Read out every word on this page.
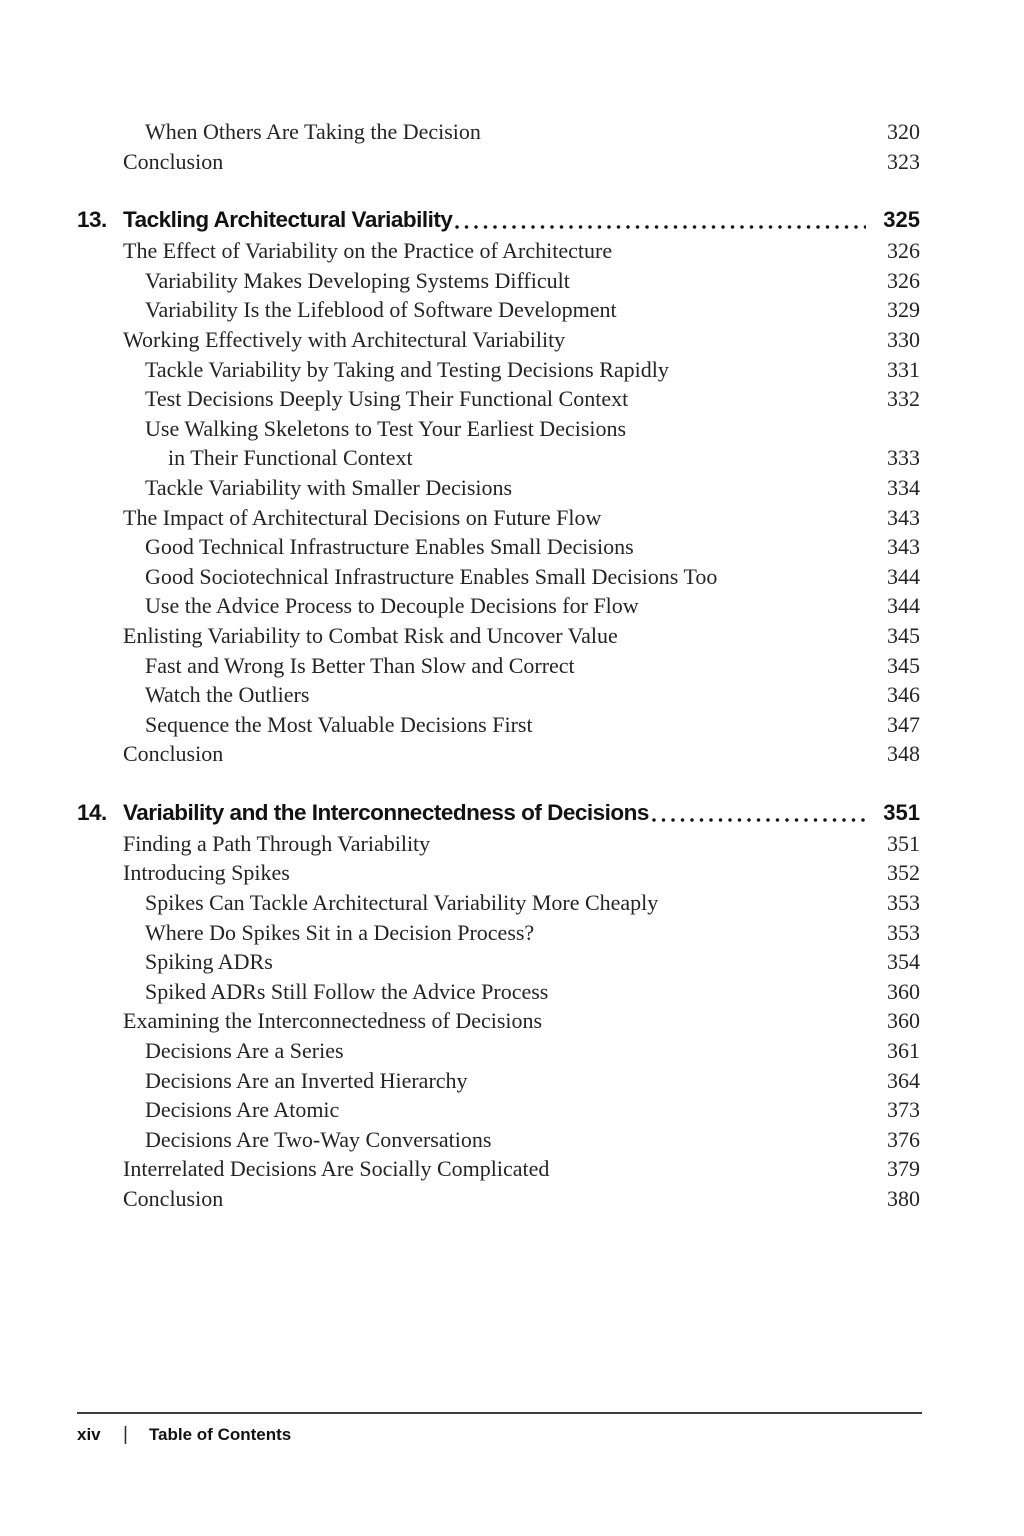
When Others Are Taking the Decision	320
Conclusion	323
13. Tackling Architectural Variability	325
The Effect of Variability on the Practice of Architecture	326
Variability Makes Developing Systems Difficult	326
Variability Is the Lifeblood of Software Development	329
Working Effectively with Architectural Variability	330
Tackle Variability by Taking and Testing Decisions Rapidly	331
Test Decisions Deeply Using Their Functional Context	332
Use Walking Skeletons to Test Your Earliest Decisions
in Their Functional Context	333
Tackle Variability with Smaller Decisions	334
The Impact of Architectural Decisions on Future Flow	343
Good Technical Infrastructure Enables Small Decisions	343
Good Sociotechnical Infrastructure Enables Small Decisions Too	344
Use the Advice Process to Decouple Decisions for Flow	344
Enlisting Variability to Combat Risk and Uncover Value	345
Fast and Wrong Is Better Than Slow and Correct	345
Watch the Outliers	346
Sequence the Most Valuable Decisions First	347
Conclusion	348
14. Variability and the Interconnectedness of Decisions	351
Finding a Path Through Variability	351
Introducing Spikes	352
Spikes Can Tackle Architectural Variability More Cheaply	353
Where Do Spikes Sit in a Decision Process?	353
Spiking ADRs	354
Spiked ADRs Still Follow the Advice Process	360
Examining the Interconnectedness of Decisions	360
Decisions Are a Series	361
Decisions Are an Inverted Hierarchy	364
Decisions Are Atomic	373
Decisions Are Two-Way Conversations	376
Interrelated Decisions Are Socially Complicated	379
Conclusion	380
xiv	| Table of Contents
